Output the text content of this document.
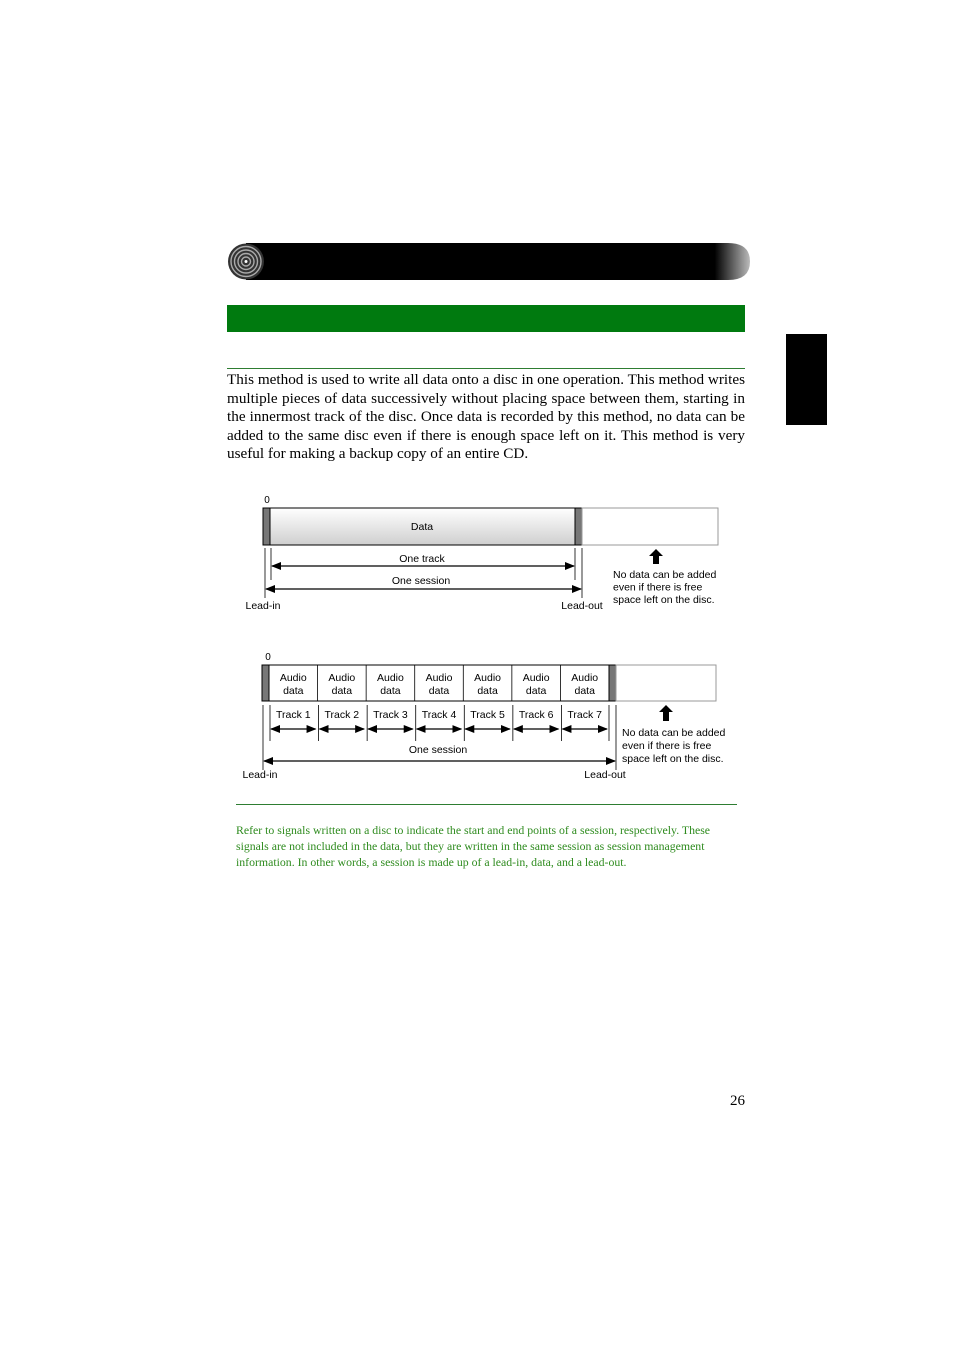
This method is used to write all data onto a disc in one operation. This method writes multiple pieces of data successively without placing space between them, starting in the innermost track of the disc. Once data is recorded by this method, no data can be added to the same disc even if there is enough space left on it. This method is very useful for making a backup copy of an entire CD.
0
Data
One track
One session
Lead-in	Lead-out
No data can be added even if there is free space left on the disc.
0
Audio
data
Track 1
Audio
data
Track 2
Audio
data
Track 3
Audio
data
Track 4
Audio
data
Track 5
Audio
data
Track 6
Audio
data
Track 7
One session
Lead-in	Lead-out
No data can be added even if there is free space left on the disc.
Refer to signals written on a disc to indicate the start and end points of a session, respectively. These signals are not included in the data, but they are written in the same session as session management information. In other words, a session is made up of a lead-in, data, and a lead-out.
26
